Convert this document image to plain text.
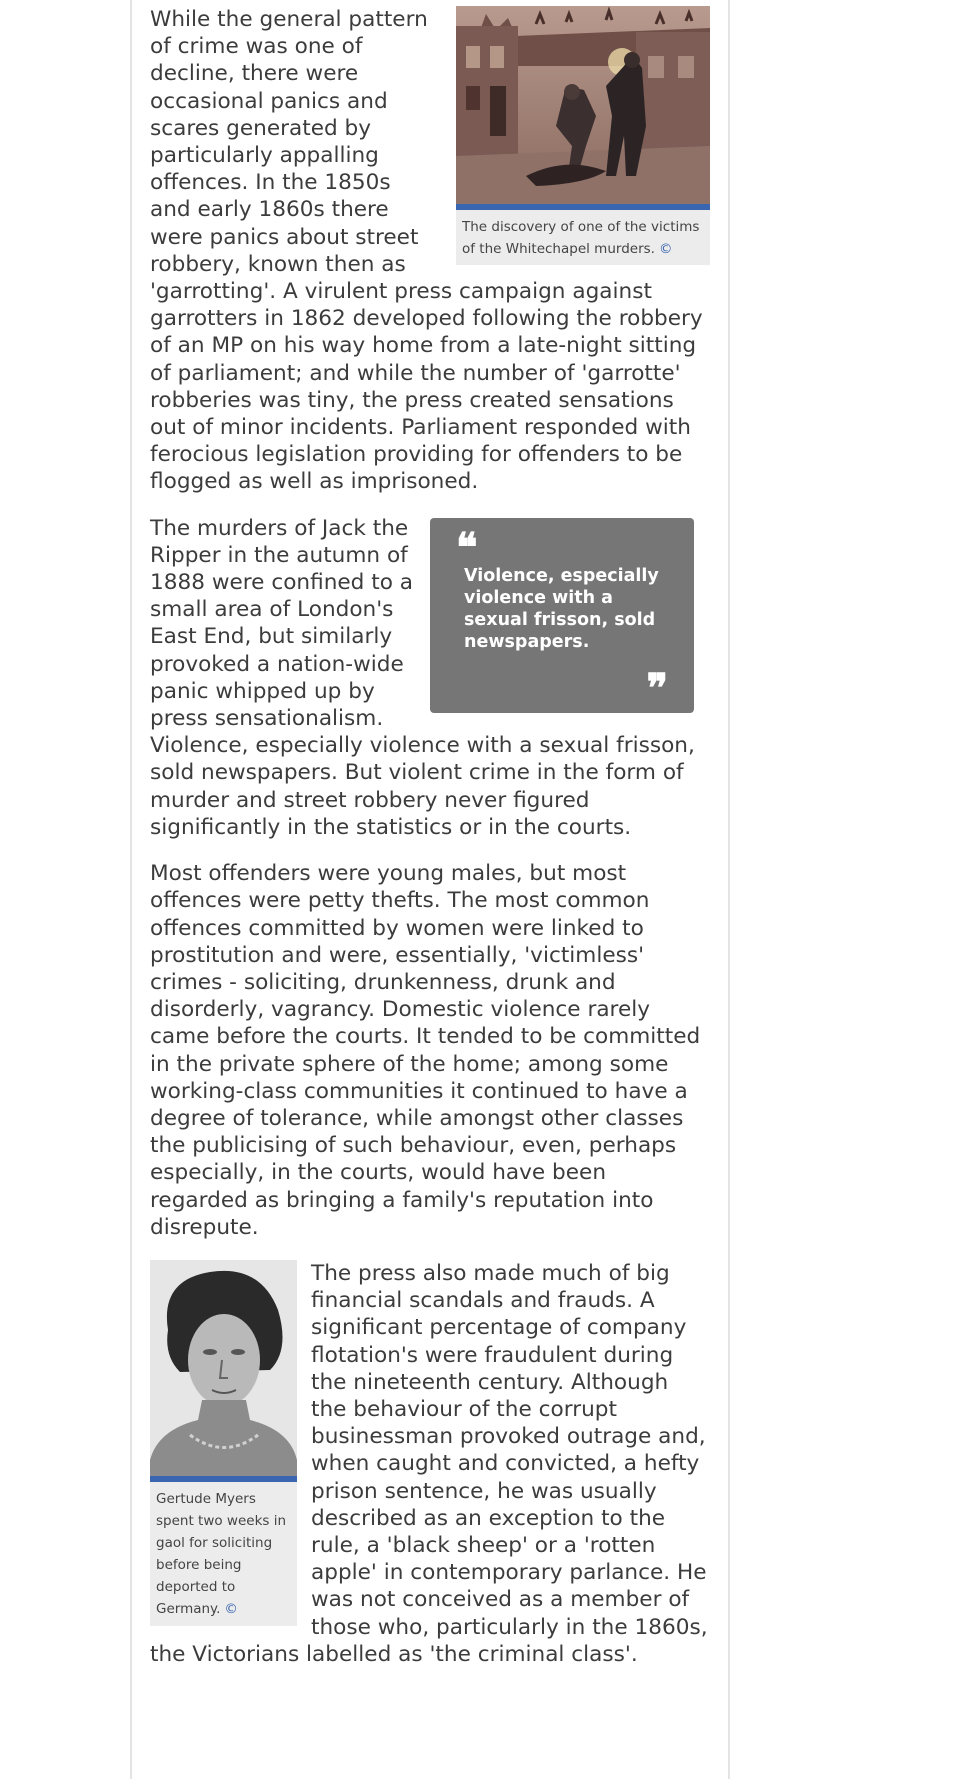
The discovery of one of the victims of the Whitechapel murders. ©

While the general pattern of crime was one of decline, there were occasional panics and scares generated by particularly appalling offences. In the 1850s and early 1860s there were panics about street robbery, known then as 'garrotting'. A virulent press campaign against garrotters in 1862 developed following the robbery of an MP on his way home from a late-night sitting of parliament; and while the number of 'garrotte' robberies was tiny, the press created sensations out of minor incidents. Parliament responded with ferocious legislation providing for offenders to be flogged as well as imprisoned.

❝
Violence, especially violence with a sexual frisson, sold newspapers.
❞

The murders of Jack the Ripper in the autumn of 1888 were confined to a small area of London's East End, but similarly provoked a nation-wide panic whipped up by press sensationalism. Violence, especially violence with a sexual frisson, sold newspapers. But violent crime in the form of murder and street robbery never figured significantly in the statistics or in the courts.

Most offenders were young males, but most offences were petty thefts. The most common offences committed by women were linked to prostitution and were, essentially, 'victimless' crimes - soliciting, drunkenness, drunk and disorderly, vagrancy. Domestic violence rarely came before the courts. It tended to be committed in the private sphere of the home; among some working-class communities it continued to have a degree of tolerance, while amongst other classes the publicising of such behaviour, even, perhaps especially, in the courts, would have been regarded as bringing a family's reputation into disrepute.

Gertude Myers spent two weeks in gaol for soliciting before being deported to Germany. ©

The press also made much of big financial scandals and frauds. A significant percentage of company flotation's were fraudulent during the nineteenth century. Although the behaviour of the corrupt businessman provoked outrage and, when caught and convicted, a hefty prison sentence, he was usually described as an exception to the rule, a 'black sheep' or a 'rotten apple' in contemporary parlance. He was not conceived as a member of those who, particularly in the 1860s, the Victorians labelled as 'the criminal class'.
